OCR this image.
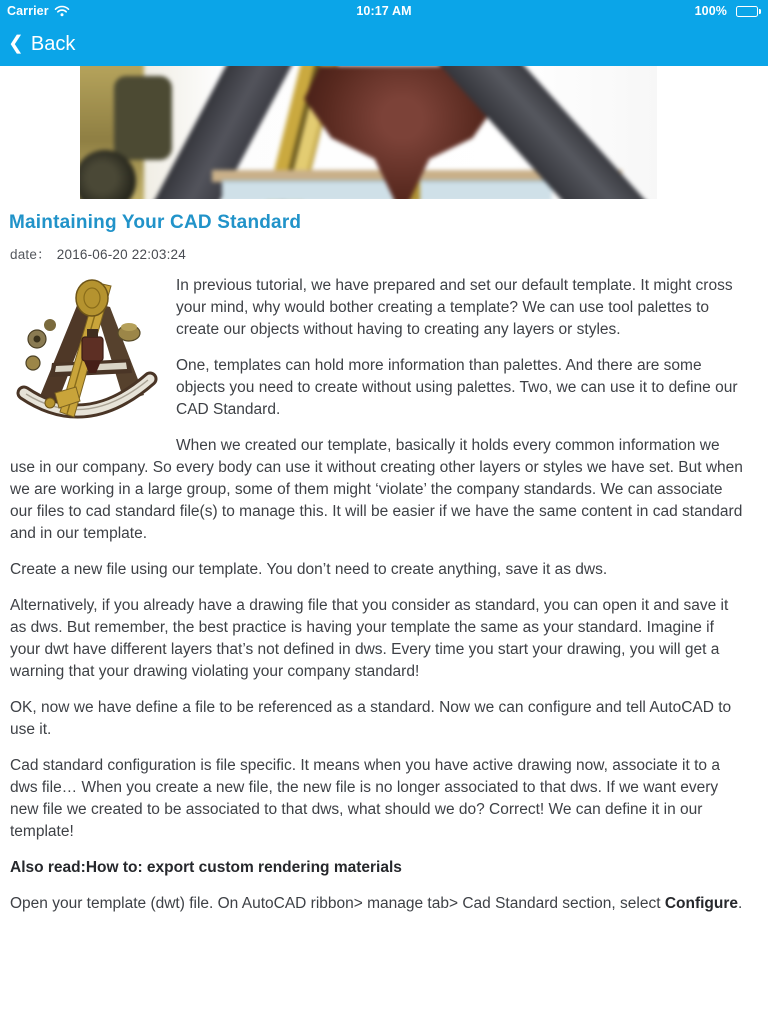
Carrier	10:17 AM	100%
❮ Back
Maintaining Your CAD Standard
date： 2016-06-20 22:03:24

In previous tutorial, we have prepared and set our default template. It might cross your mind, why would bother creating a template? We can use tool palettes to create our objects without having to creating any layers or styles.

One, templates can hold more information than palettes. And there are some objects you need to create without using palettes. Two, we can use it to define our CAD Standard.

When we created our template, basically it holds every common information we use in our company. So every body can use it without creating other layers or styles we have set. But when we are working in a large group, some of them might ‘violate’ the company standards. We can associate our files to cad standard file(s) to manage this. It will be easier if we have the same content in cad standard and in our template.

Create a new file using our template. You don’t need to create anything, save it as dws.

Alternatively, if you already have a drawing file that you consider as standard, you can open it and save it as dws. But remember, the best practice is having your template the same as your standard. Imagine if your dwt have different layers that’s not defined in dws. Every time you start your drawing, you will get a warning that your drawing violating your company standard!

OK, now we have define a file to be referenced as a standard. Now we can configure and tell AutoCAD to use it.

Cad standard configuration is file specific. It means when you have active drawing now, associate it to a dws file… When you create a new file, the new file is no longer associated to that dws. If we want every new file we created to be associated to that dws, what should we do? Correct! We can define it in our template!

Also read:How to: export custom rendering materials

Open your template (dwt) file. On AutoCAD ribbon> manage tab> Cad Standard section, select Configure.
